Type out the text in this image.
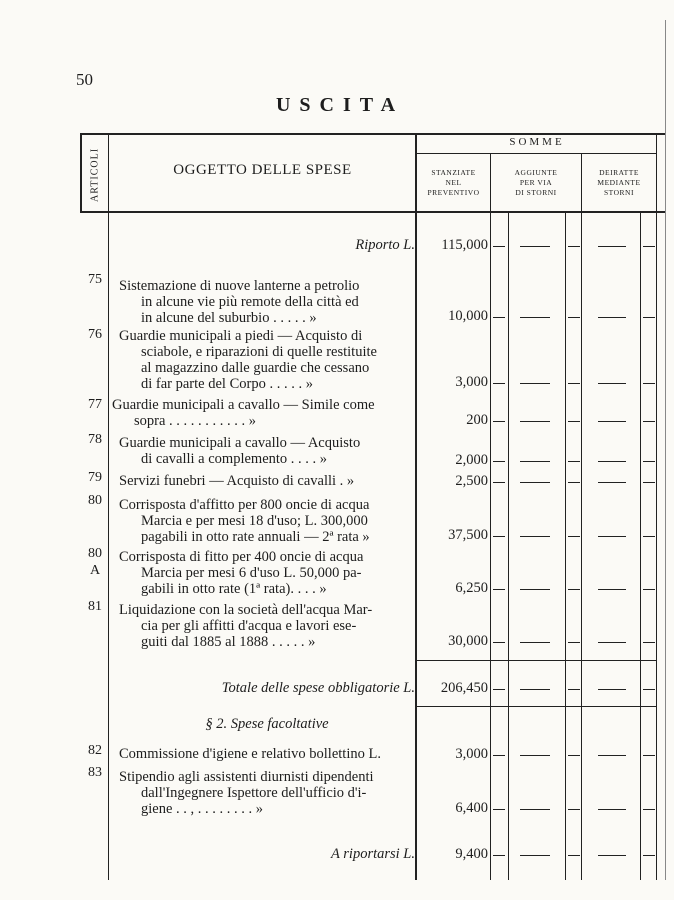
50
USCITA
ARTICOLI	OGGETTO DELLE SPESE
SOMME
STANZIATE
NEL
PREVENTIVO
AGGIUNTE
PER VIA
DI STORNI
DEIRATTE
MEDIANTE
STORNI
Riporto L.	115,000
75	Sistemazione di nuove lanterne a petrolio
in alcune vie più remote della città ed
in alcune del suburbio . . . . . »	10,000
76	Guardie municipali a piedi — Acquisto di
sciabole, e riparazioni di quelle restituite
al magazzino dalle guardie che cessano
di far parte del Corpo . . . . . »	3,000
77 Guardie municipali a cavallo — Simile come
sopra . . . . . . . . . . . »	200
78	Guardie municipali a cavallo — Acquisto
di cavalli a complemento . . . . »	2,000
79	Servizi funebri — Acquisto di cavalli . »	2,500
80	Corrisposta d'affitto per 800 oncie di acqua
Marcia e per mesi 18 d'uso; L. 300,000
pagabili in otto rate annuali — 2ª rata »	37,500
80
A
Corrisposta di fitto per 400 oncie di acqua
Marcia per mesi 6 d'uso L. 50,000 pa-
gabili in otto rate (1ª rata). . . . »	6,250
81	Liquidazione con la società dell'acqua Mar-
cia per gli affitti d'acqua e lavori ese-
guiti dal 1885 al 1888 . . . . . »	30,000
Totale delle spese obbligatorie L.	206,450
§ 2. Spese facoltative
82	Commissione d'igiene e relativo bollettino L.	3,000
83	Stipendio agli assistenti diurnisti dipendenti
dall'Ingegnere Ispettore dell'ufficio d'i-
giene . . , . . . . . . . . »	6,400
A riportarsi L.	9,400
